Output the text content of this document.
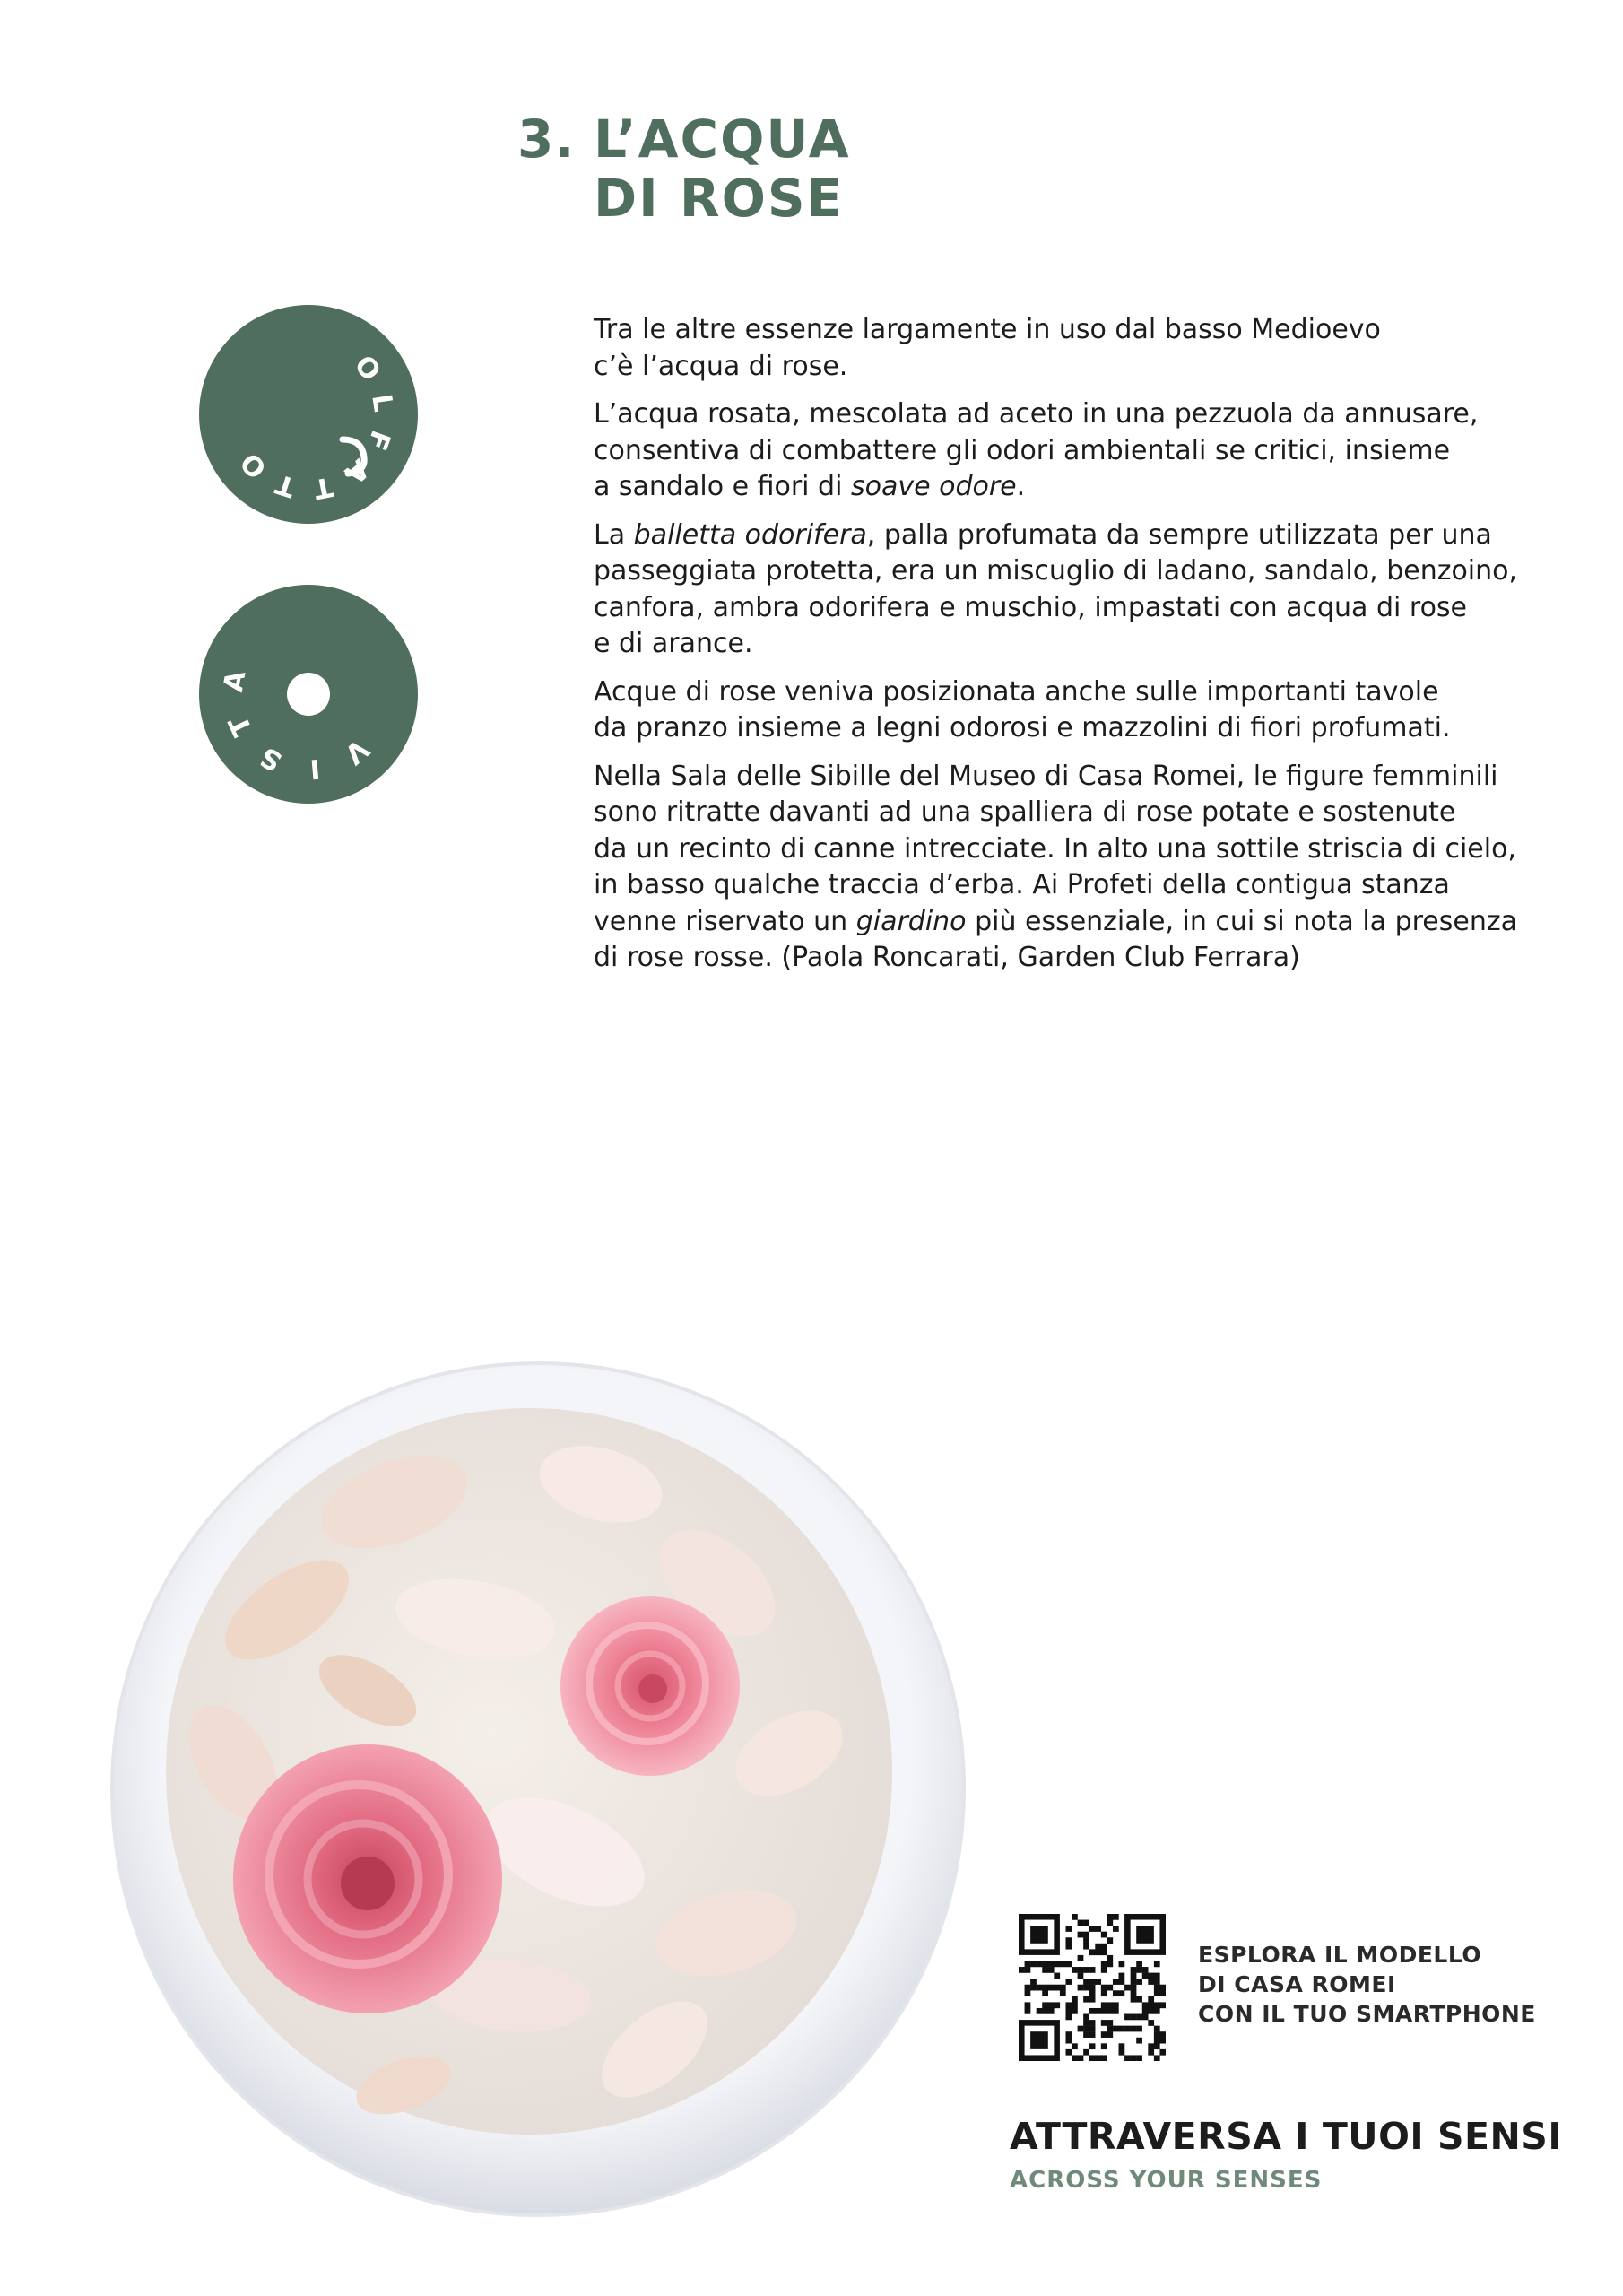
3. L’ACQUA
DI ROSE
O
L
F
A
T
T
O
V
I
S
T
A

Tra le altre essenze largamente in uso dal basso Medioevo
c’è l’acqua di rose.

L’acqua rosata, mescolata ad aceto in una pezzuola da annusare,
consentiva di combattere gli odori ambientali se critici, insieme
a sandalo e fiori di soave odore.

La balletta odorifera, palla profumata da sempre utilizzata per una
passeggiata protetta, era un miscuglio di ladano, sandalo, benzoino,
canfora, ambra odorifera e muschio, impastati con acqua di rose
e di arance.

Acque di rose veniva posizionata anche sulle importanti tavole
da pranzo insieme a legni odorosi e mazzolini di fiori profumati.

Nella Sala delle Sibille del Museo di Casa Romei, le figure femminili
sono ritratte davanti ad una spalliera di rose potate e sostenute
da un recinto di canne intrecciate. In alto una sottile striscia di cielo,
in basso qualche traccia d’erba. Ai Profeti della contigua stanza
venne riservato un giardino più essenziale, in cui si nota la presenza
di rose rosse. (Paola Roncarati, Garden Club Ferrara)

ESPLORA IL MODELLO
DI CASA ROMEI
CON IL TUO SMARTPHONE
ATTRAVERSA I TUOI SENSI
ACROSS YOUR SENSES
